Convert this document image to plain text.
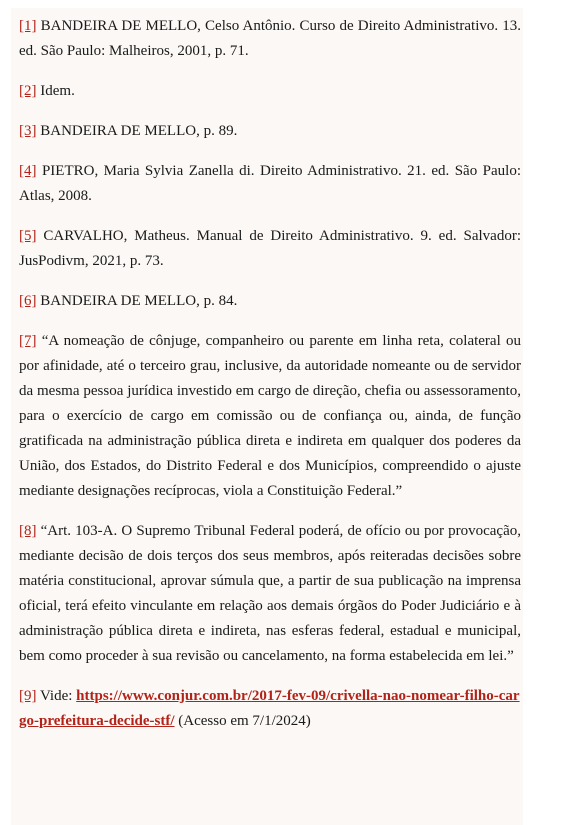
[1] BANDEIRA DE MELLO, Celso Antônio. Curso de Direito Administrativo. 13. ed. São Paulo: Malheiros, 2001, p. 71.

[2] Idem.

[3] BANDEIRA DE MELLO, p. 89.

[4] PIETRO, Maria Sylvia Zanella di. Direito Administrativo. 21. ed. São Paulo: Atlas, 2008.

[5] CARVALHO, Matheus. Manual de Direito Administrativo. 9. ed. Salvador: JusPodivm, 2021, p. 73.

[6] BANDEIRA DE MELLO, p. 84.

[7] “A nomeação de cônjuge, companheiro ou parente em linha reta, colateral ou por afinidade, até o terceiro grau, inclusive, da autoridade nomeante ou de servidor da mesma pessoa jurídica investido em cargo de direção, chefia ou assessoramento, para o exercício de cargo em comissão ou de confiança ou, ainda, de função gratificada na administração pública direta e indireta em qualquer dos poderes da União, dos Estados, do Distrito Federal e dos Municípios, compreendido o ajuste mediante designações recíprocas, viola a Constituição Federal.”

[8] “Art. 103-A. O Supremo Tribunal Federal poderá, de ofício ou por provocação, mediante decisão de dois terços dos seus membros, após reiteradas decisões sobre matéria constitucional, aprovar súmula que, a partir de sua publicação na imprensa oficial, terá efeito vinculante em relação aos demais órgãos do Poder Judiciário e à administração pública direta e indireta, nas esferas federal, estadual e municipal, bem como proceder à sua revisão ou cancelamento, na forma estabelecida em lei.”

[9] Vide: https://www.conjur.com.br/2017-fev-09/crivella-nao-nomear-filho-cargo-prefeitura-decide-stf/ (Acesso em 7/1/2024)
